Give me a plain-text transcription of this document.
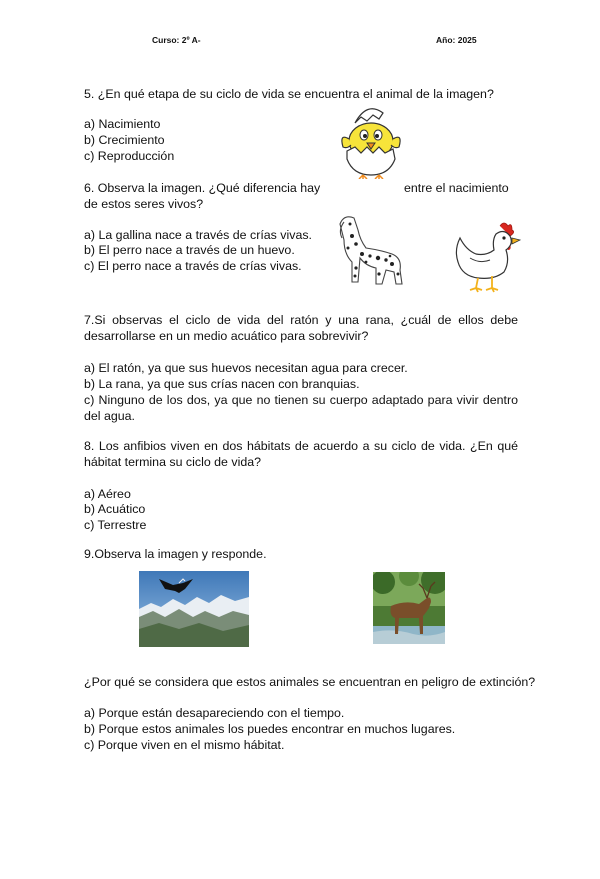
Curso: 2º A-	Año: 2025
5. ¿En qué etapa de su ciclo de vida se encuentra el animal de la imagen?
a) Nacimiento
b) Crecimiento
c) Reproducción
6. Observa la imagen. ¿Qué diferencia hay	entre el nacimiento
de estos seres vivos?
a) La gallina nace a través de crías vivas.
b) El perro nace a través de un huevo.
c) El perro nace a través de crías vivas.
7.Si observas el ciclo de vida del ratón y una rana, ¿cuál de ellos debe desarrollarse en un medio acuático para sobrevivir?
a) El ratón, ya que sus huevos necesitan agua para crecer.
b) La rana, ya que sus crías nacen con branquias.
c) Ninguno de los dos, ya que no tienen su cuerpo adaptado para vivir dentro del agua.
8. Los anfibios viven en dos hábitats de acuerdo a su ciclo de vida. ¿En qué hábitat termina su ciclo de vida?
a) Aéreo
b) Acuático
c) Terrestre
9.Observa la imagen y responde.
¿Por qué se considera que estos animales se encuentran en peligro de extinción?
a) Porque están desapareciendo con el tiempo.
b) Porque estos animales los puedes encontrar en muchos lugares.
c) Porque viven en el mismo hábitat.
